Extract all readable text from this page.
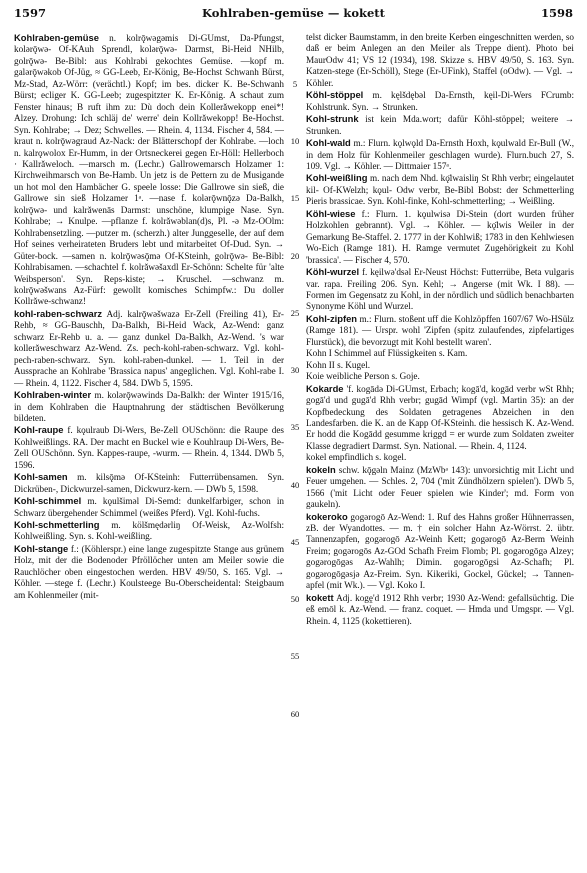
1597	Kohlraben-gemüse — kokett	1598

Kohlraben-gemüse n. kolrǭwəgəmis Di-GUmst, Da-Pfungst, kolərǭwə- Of-KAuh Sprendl, kolərǭwə- Darmst, Bi-Heid NHilb, golrǭwə- Be-Bibl: aus Kohlrabi gekochtes Gemüse. —kopf m. galǝrǭwəkob Of-Jüg, ≈ GG-Leeb, Er-König, Be-Hochst Schwanh Bürst, Mz-Stad, Az-Wörr: (verächtl.) Kopf; im bes. dicker K. Be-Schwanh Bürst; ecliger K. GG-Leeb; zugespitzter K. Er-König. A schaut zum Fenster hinaus; B ruft ihm zu: Dù doch dein Kollerǎwekopp enei*! Alzey. Drohung: Ich schläj de' werre' dein Kollrǎwekopp! Be-Hochst. Syn. Kohlrabe; → Dez; Schwelles. — Rhein. 4, 1134. Fischer 4, 584. —kraut n. kolrǭwəgraud Az-Nack: der Blätterschopf der Kohlrabe. —loch n. kalrǫwoloх Er-Humm, in der Ortsneckerei gegen Er-Höll: Hellerboch · Kallrǎweloch. —marsch m. (Lechr.) Gallrowemarsch Holzamer 1: Kirchweihmarsch von Be-Hamb. Un jetz is de Pettern zu de Musigande un hot mol den Hambächer G. speele losse: Die Gallrowe sin sieß, die Gallrowe sin sieß Holzamer 1ᵃ. —nase f. kolərǭwnǭzə Da-Balkh, kolrǭwə- und kalrǎwenās Darmst: unschöne, klumpige Nase. Syn. Kohlrabe; → Knulpe. —pflanze f. kolrǎwəblan(d)s, Pl. -ə Mz-OOlm: Kohlrabensetzling. —putzer m. (scherzh.) alter Junggeselle, der auf dem Hof seines verheirateten Bruders lebt und mitarbeitet Of-Dud. Syn. → Güter-bock. —samen n. kolrǭwəsǭmə Of-KSteinh, golrǭwə- Be-Bibl: Kohlrabisamen. —schachtel f. kolrǎwəšaxdl Er-Schönn: Schelte für 'alte Weibsperson'. Syn. Reps-kiste; → Kruschel. —schwanz m. kolrǭwəšwans Az-Fürf: gewollt komisches Schimpfw.: Du doller Kollrǎwe-schwanz!

kohl-raben-schwarz Adj. kalrǭwəšwazə Er-Zell (Freiling 41), Er-Rehb, ≈ GG-Bauschh, Da-Balkh, Bi-Heid Wack, Az-Wend: ganz schwarz Er-Rehb u. a. — ganz dunkel Da-Balkh, Az-Wend. 's war kollerǎweschwarz Az-Wend. Zs. pech-kohl-raben-schwarz. Vgl. kohl-pech-raben-schwarz. Syn. kohl-raben-dunkel. — 1. Teil in der Aussprache an Kohlrabe 'Brassica napus' angeglichen. Vgl. Kohl-rabe I. — Rhein. 4, 1122. Fischer 4, 584. DWb 5, 1595.

Kohlraben-winter m. kolərǭwəwinds Da-Balkh: der Winter 1915/16, in dem Kohlraben die Hauptnahrung der städtischen Bevölkerung bildeten.

Kohl-raupe f. kǫulraub Di-Wers, Be-Zell OUSchönn: die Raupe des Kohlweißlings. RA. Der macht en Buckel wie e Kouhlraup Di-Wers, Be-Zell OUSchönn. Syn. Kappes-raupe, -wurm. — Rhein. 4, 1344. DWb 5, 1596.

Kohl-samen m. kilsǭmə Of-KSteinh: Futterrübensamen. Syn. Dickrüben-, Dickwurzel-samen, Dickwurz-kern. — DWb 5, 1598.

Kohl-schimmel m. kǫulšiməl Di-Semd: dunkelfarbiger, schon in Schwarz übergehender Schimmel (weißes Pferd). Vgl. Kohl-fuchs.

Kohl-schmetterling m. kölšmędǝrliŋ Of-Weisk, Az-Wolfsh: Kohlweißling. Syn. s. Kohl-weißling.

Kohl-stange f.: (Köhlerspr.) eine lange zugespitzte Stange aus grünem Holz, mit der die Bodenoder Pfröllöcher unten am Meiler sowie die Rauchlöcher oben eingestochen werden. HBV 49/50, S. 165. Vgl. → Köhler. —stege f. (Lechr.) Koulsteege Bu-Oberscheidental: Steigbaum am Kohlenmeiler (mit-

5
10
15
20
25
30
35
40
45
50
55
60

telst dicker Baumstamm, in den breite Kerben eingeschnitten werden, so daß er beim Anlegen an den Meiler als Treppe dient). Photo bei MaurOdw 41; VS 12 (1934), 198. Skizze s. HBV 49/50, S. 163. Syn. Katzen-stege (Er-Schöll), Stege (Er-UFink), Staffel (oOdw). — Vgl. → Köhler.

Köhl-stöppel m. kęlšdębəl Da-Ernsth, kęil-Di-Wers FCrumb: Kohlstrunk. Syn. → Strunken.

Kohl-strunk ist kein Mda.wort; dafür Köhl-stöppel; weitere → Strunken.

Kohl-wald m.: Flurn. kǫlwǫld Da-Ernsth Hoxh, kǫulwald Er-Bull (W., in dem Holz für Kohlenmeiler geschlagen wurde). Flurn.buch 27, S. 109. Vgl. → Köhler. — Dittmaier 157ᵃ.

Kohl-weißling m. nach dem Nhd. kǫ̈lwaisliŋ St Rhh verbr; eingelautet kil- Of-KWelzh; kǫul- Odw verbr, Be-Bibl Bobst: der Schmetterling Pieris brassicae. Syn. Kohl-finke, Kohl-schmetterling; → Weißling.

Köhl-wiese f.: Flurn. 1. kǫulwisə Di-Stein (dort wurden früher Holzkohlen gebrannt). Vgl. → Köhler. — kǫ̈lwis Weiler in der Gemarkung Be-Staffel. 2. 1777 in der Kohlwiß; 1783 in den Kehlwiesen Wo-Eich (Ramge 181). H. Ramge vermutet Zugehörigkeit zu Kohl 'brassica'. — Fischer 4, 570.

Köhl-wurzel f. kęilwǝ'dsəl Er-Neust Höchst: Futterrübe, Beta vulgaris var. rapa. Freiling 206. Syn. Kehl; → Angerse (mit Wk. I 88). — Formen im Gegensatz zu Kohl, in der nördlich und südlich benachbarten Synonyme Köhl und Wurzel.

Kohl-zipfen m.: Flurn. stoßent uff die Kohlzöpffen 1607/67 Wo-HSülz (Ramge 181). — Urspr. wohl 'Zipfen (spitz zulaufendes, zipfelartiges Flurstück), die bevorzugt mit Kohl bestellt waren'.

Kohn I Schimmel auf Flüssigkeiten s. Kam.

Kohn II s. Kugel.

Koie weibliche Person s. Goje.

Kokarde 'f. kogādə Di-GUmst, Erbach; kogā'd, kogād verbr wSt Rhh; gogā'd und gugā'd Rhh verbr; gugād Wimpf (vgl. Martin 35): an der Kopfbedeckung des Soldaten getragenes Abzeichen in den Landesfarben. die K. an de Kapp Of-KSteinh. die hessisch K. Az-Wend. Er hodd die Kogādd gesumme kriggd = er wurde zum Soldaten zweiter Klasse degradiert Darmst. Syn. National. — Rhein. 4, 1124.

kokel empfindlich s. kogel.

kokeln schw. kǭgəln Mainz (MzWbᵃ 143): unvorsichtig mit Licht und Feuer umgehen. — Schles. 2, 704 ('mit Zündhölzern spielen'). DWb 5, 1566 ('mit Licht oder Feuer spielen wie Kinder'; md. Form von gaukeln).

kokeroko gogərogō Az-Wend: 1. Ruf des Hahns großer Hühnerrassen, zB. der Wyandottes. — m. † ein solcher Hahn Az-Wörrst. 2. übtr. Tannenzapfen, gogərogō Az-Weinh Kett; gogərogō Az-Berm Weinh Freim; gogərogōs Az-GOd Schafh Freim Flomb; Pl. gogərogōgə Alzey; gogərogōgəs Az-Wahlh; Dimin. gogərogōgsi Az-Schafh; Pl. gogərogōgəsjə Az-Freim. Syn. Kikeriki, Gockel, Gückel; → Tannen-apfel (mit Wk.). — Vgl. Koko I.

kokett Adj. kogḙ'd 1912 Rhh verbr; 1930 Az-Wend: gefallsüchtig. Die eß emōl k. Az-Wend. — franz. coquet. — Hmda und Umgspr. — Vgl. Rhein. 4, 1125 (kokettieren).
